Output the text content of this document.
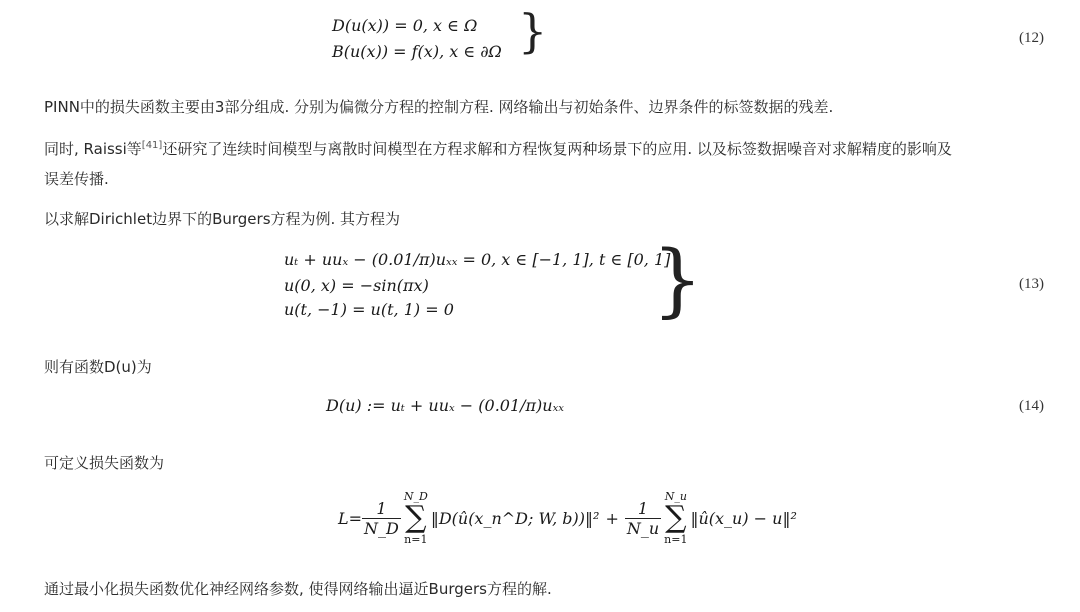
D(u(x)) = 0, x ∈ Ω
B(u(x)) = f(x), x ∈ ∂Ω }	(12)
PINN中的损失函数主要由3部分组成. 分别为偏微分方程的控制方程. 网络输出与初始条件、边界条件的标签数据的残差.
同时, Raissi等[41]还研究了连续时间模型与离散时间模型在方程求解和方程恢复两种场景下的应用. 以及标签数据噪音对求解精度的影响及
误差传播.
以求解Dirichlet边界下的Burgers方程为例. 其方程为
uₜ + uuₓ − (0.01/π)uₓₓ = 0, x ∈ [−1, 1], t ∈ [0, 1]
u(0, x) = −sin(πx)
u(t, −1) = u(t, 1) = 0 }	(13)
则有函数D(u)为
D(u) := uₜ + uuₓ − (0.01/π)uₓₓ	(14)
可定义损失函数为
$L= \frac{1}{N\_D}$
N_D
∑
n=1
‖D(û(x_n^D; W, b))‖² + $\frac{1}{N\_u}$
N_u
∑
n=1
‖û(x_u) − u‖²
通过最小化损失函数优化神经网络参数, 使得网络输出逼近Burgers方程的解.
